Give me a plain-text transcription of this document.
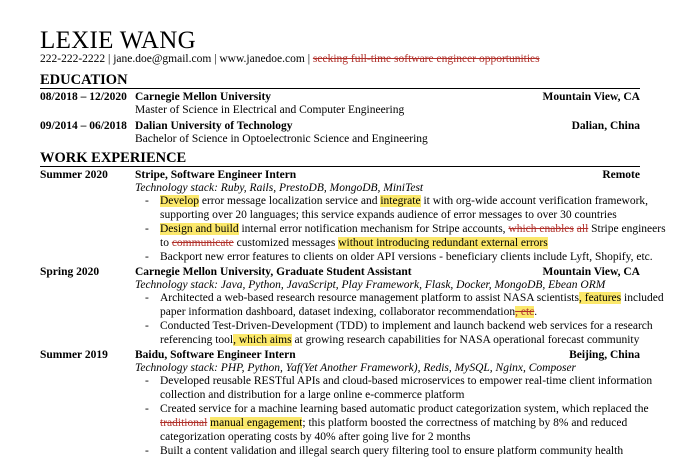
LEXIE WANG
222-222-2222 | jane.doe@gmail.com | www.janedoe.com | seeking full-time software engineer opportunities
EDUCATION
08/2018 – 12/2020 Carnegie Mellon University	Mountain View, CA
Master of Science in Electrical and Computer Engineering
09/2014 – 06/2018 Dalian University of Technology	Dalian, China
Bachelor of Science in Optoelectronic Science and Engineering
WORK EXPERIENCE
Summer 2020 Stripe, Software Engineer Intern	Remote
Technology stack: Ruby, Rails, PrestoDB, MongoDB, MiniTest
- Develop error message localization service and integrate it with org-wide account verification framework,
supporting over 20 languages; this service expands audience of error messages to over 30 countries
- Design and build internal error notification mechanism for Stripe accounts, which enables all Stripe engineers
to communicate customized messages without introducing redundant external errors
- Backport new error features to clients on older API versions - beneficiary clients include Lyft, Shopify, etc.
Spring 2020	Carnegie Mellon University, Graduate Student Assistant	Mountain View, CA
Technology stack: Java, Python, JavaScript, Play Framework, Flask, Docker, MongoDB, Ebean ORM
- Architected a web-based research resource management platform to assist NASA scientists, features included
paper information dashboard, dataset indexing, collaborator recommendation, etc.
- Conducted Test-Driven-Development (TDD) to implement and launch backend web services for a research
referencing tool, which aims at growing research capabilities for NASA operational forecast community
Summer 2019 Baidu, Software Engineer Intern	Beijing, China
Technology stack: PHP, Python, Yaf(Yet Another Framework), Redis, MySQL, Nginx, Composer
- Developed reusable RESTful APIs and cloud-based microservices to empower real-time client information
collection and distribution for a large online e-commerce platform
- Created service for a machine learning based automatic product categorization system, which replaced the
traditional manual engagement; this platform boosted the correctness of matching by 8% and reduced
categorization operating costs by 40% after going live for 2 months
- Built a content validation and illegal search query filtering tool to ensure platform community health
